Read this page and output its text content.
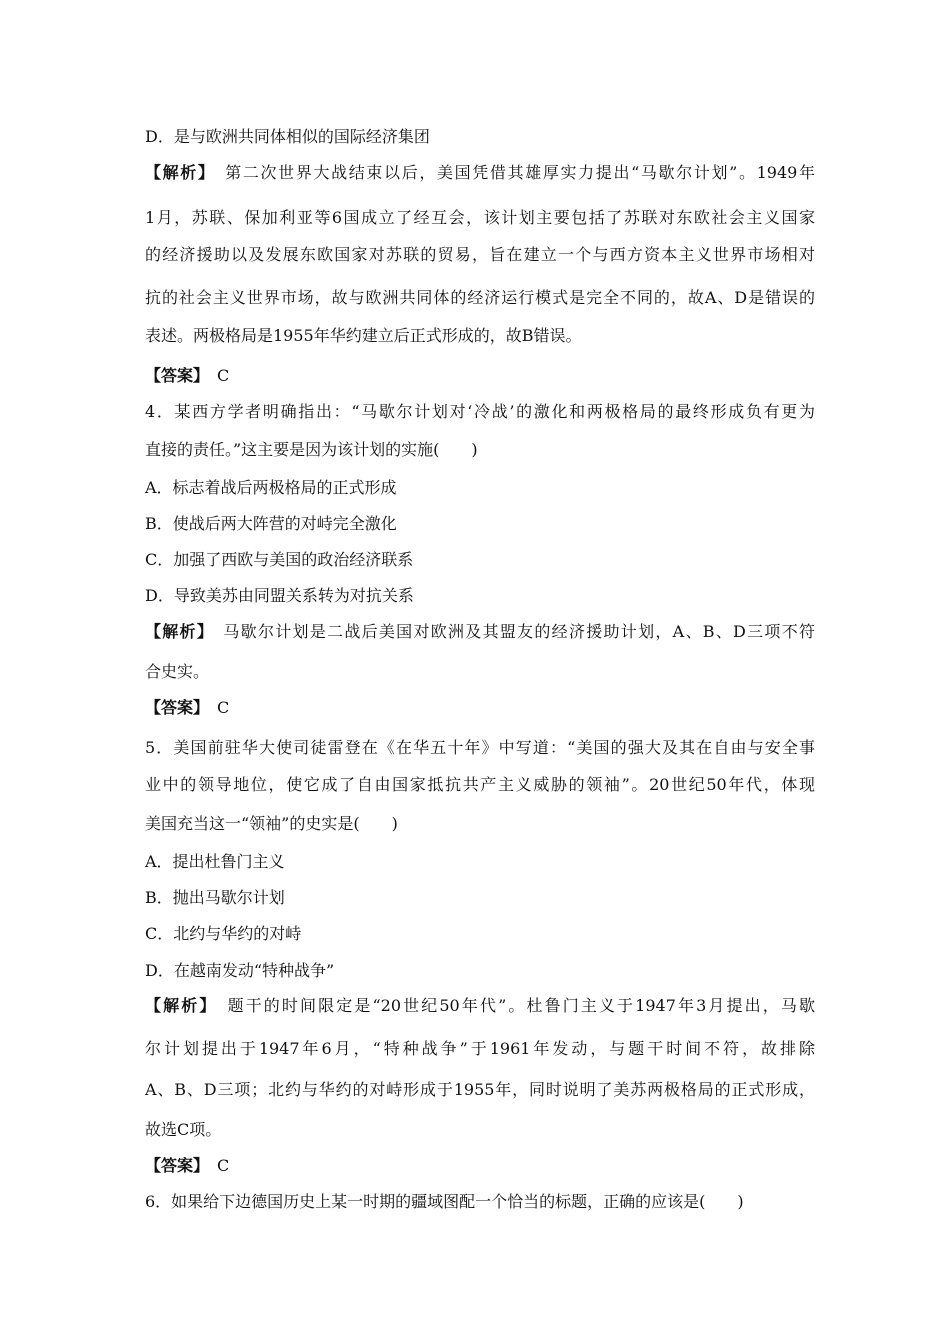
D．是与欧洲共同体相似的国际经济集团
【解析】　第二次世界大战结束以后，美国凭借其雄厚实力提出“马歇尔计划”。1949年
1月，苏联、保加利亚等6国成立了经互会，该计划主要包括了苏联对东欧社会主义国家
的经济援助以及发展东欧国家对苏联的贸易，旨在建立一个与西方资本主义世界市场相对
抗的社会主义世界市场，故与欧洲共同体的经济运行模式是完全不同的，故A、D是错误的
表述。两极格局是1955年华约建立后正式形成的，故B错误。
【答案】　C
4．某西方学者明确指出：“马歇尔计划对‘冷战’的激化和两极格局的最终形成负有更为
直接的责任。”这主要是因为该计划的实施(　　)
A．标志着战后两极格局的正式形成
B．使战后两大阵营的对峙完全激化
C．加强了西欧与美国的政治经济联系
D．导致美苏由同盟关系转为对抗关系
【解析】　马歇尔计划是二战后美国对欧洲及其盟友的经济援助计划，A、B、D三项不符
合史实。
【答案】　C
5．美国前驻华大使司徒雷登在《在华五十年》中写道：“美国的强大及其在自由与安全事
业中的领导地位，使它成了自由国家抵抗共产主义威胁的领袖”。20世纪50年代，体现
美国充当这一“领袖”的史实是(　　)
A．提出杜鲁门主义
B．抛出马歇尔计划
C．北约与华约的对峙
D．在越南发动“特种战争”
【解析】　题干的时间限定是“20世纪50年代”。杜鲁门主义于1947年3月提出，马歇
尔计划提出于1947年6月，“特种战争”于1961年发动，与题干时间不符，故排除
A、B、D三项；北约与华约的对峙形成于1955年，同时说明了美苏两极格局的正式形成，
故选C项。
【答案】　C
6．如果给下边德国历史上某一时期的疆域图配一个恰当的标题，正确的应该是(　　)
